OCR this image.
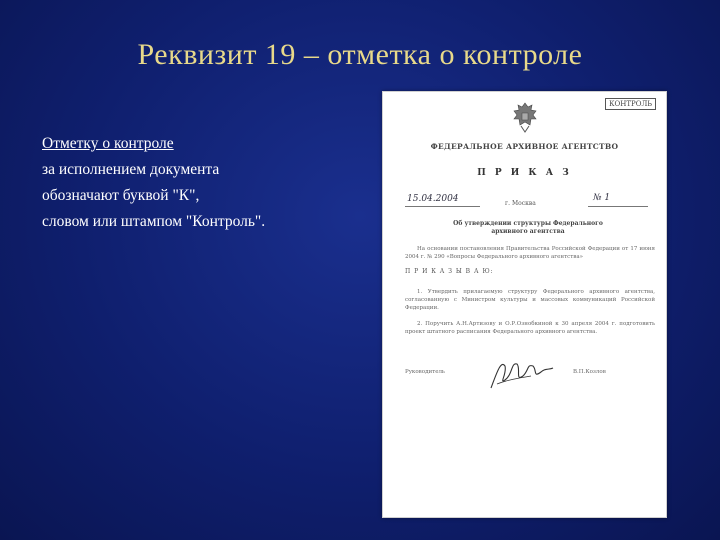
Реквизит 19 – отметка о контроле
Отметку о контроле
за исполнением документа
обозначают буквой "К",
словом или штампом "Контроль".
КОНТРОЛЬ
ФЕДЕРАЛЬНОЕ АРХИВНОЕ АГЕНТСТВО
П Р И К А З
15.04.2004	г. Москва
№ 1
Об утверждении структуры Федерального архивного агентства
На основании постановления Правительства Российской Федерации от 17 июня 2004 г. № 290 «Вопросы Федерального архивного агентства»
П Р И К А З Ы В А Ю:
1. Утвердить прилагаемую структуру Федерального архивного агентства, согласованную с Министром культуры и массовых коммуникаций Российской Федерации.
2. Поручить А.Н.Артизову и О.Р.Ознобкиной к 30 апреля 2004 г. подготовить проект штатного расписания Федерального архивного агентства.
Руководитель	В.П.Козлов
